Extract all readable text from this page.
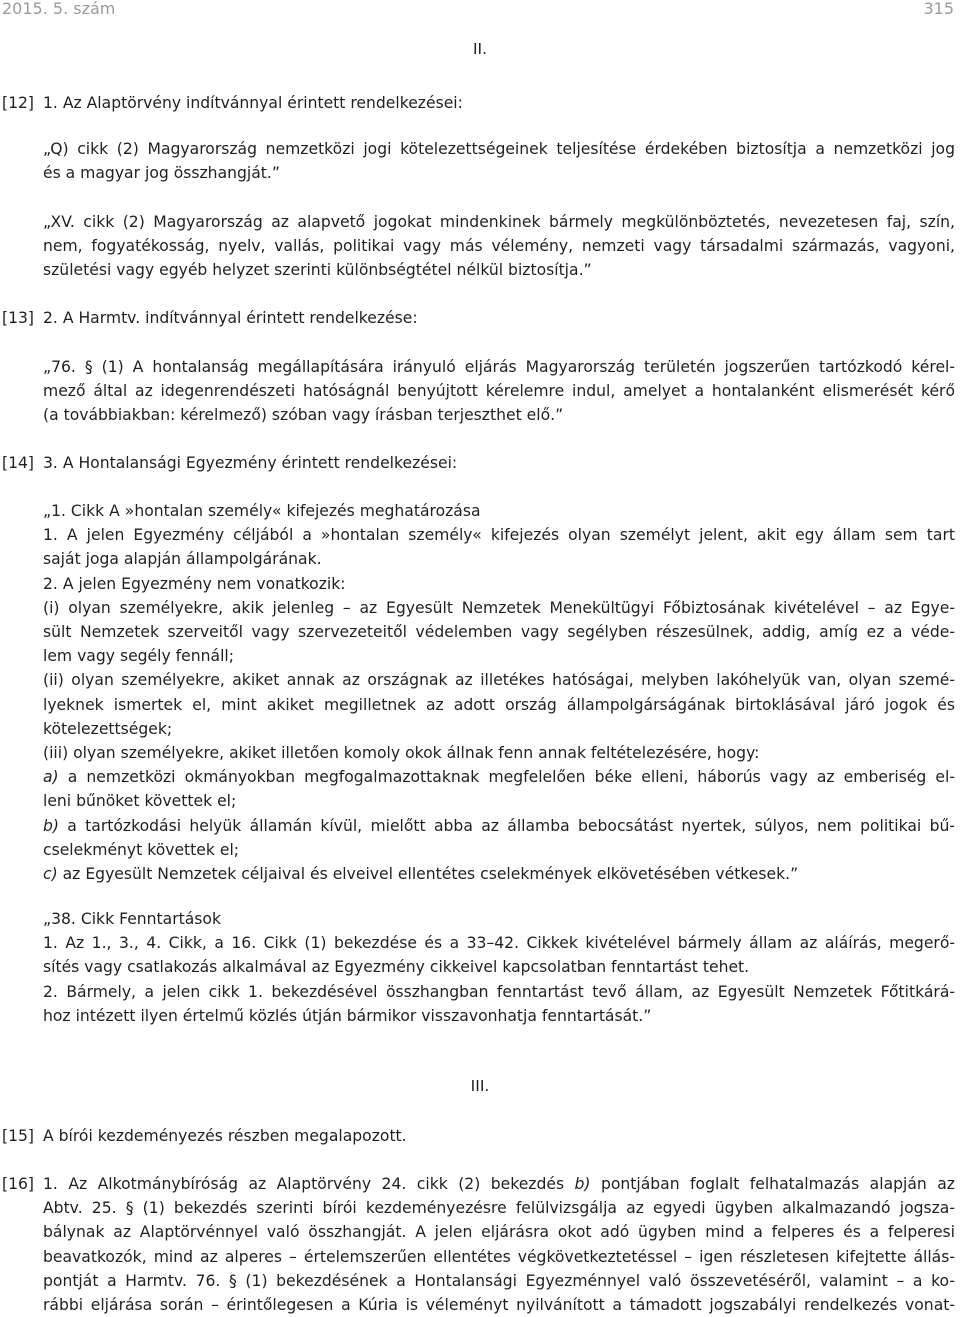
2015. 5. szám	315
II.
[12] 1. Az Alaptörvény indítvánnyal érintett rendelkezései:
„Q) cikk (2) Magyarország nemzetközi jogi kötelezettségeinek teljesítése érdekében biztosítja a nemzetközi jog
és a magyar jog összhangját.”
„XV. cikk (2) Magyarország az alapvető jogokat mindenkinek bármely megkülönböztetés, nevezetesen faj, szín,
nem, fogyatékosság, nyelv, vallás, politikai vagy más vélemény, nemzeti vagy társadalmi származás, vagyoni,
születési vagy egyéb helyzet szerinti különbségtétel nélkül biztosítja.”
[13] 2. A Harmtv. indítvánnyal érintett rendelkezése:
„76. § (1) A hontalanság megállapítására irányuló eljárás Magyarország területén jogszerűen tartózkodó kérel-
mező által az idegenrendészeti hatóságnál benyújtott kérelemre indul, amelyet a hontalanként elismerését kérő
(a továbbiakban: kérelmező) szóban vagy írásban terjeszthet elő.”
[14] 3. A Hontalansági Egyezmény érintett rendelkezései:
„1. Cikk A »hontalan személy« kifejezés meghatározása
1. A jelen Egyezmény céljából a »hontalan személy« kifejezés olyan személyt jelent, akit egy állam sem tart
saját joga alapján állampolgárának.
2. A jelen Egyezmény nem vonatkozik:
(i) olyan személyekre, akik jelenleg – az Egyesült Nemzetek Menekültügyi Főbiztosának kivételével – az Egye-
sült Nemzetek szerveitől vagy szervezeteitől védelemben vagy segélyben részesülnek, addig, amíg ez a véde-
lem vagy segély fennáll;
(ii) olyan személyekre, akiket annak az országnak az illetékes hatóságai, melyben lakóhelyük van, olyan szemé-
lyeknek ismertek el, mint akiket megilletnek az adott ország állampolgárságának birtoklásával járó jogok és
kötelezettségek;
(iii) olyan személyekre, akiket illetően komoly okok állnak fenn annak feltételezésére, hogy:
a) a nemzetközi okmányokban megfogalmazottaknak megfelelően béke elleni, háborús vagy az emberiség el-
leni bűnöket követtek el;
b) a tartózkodási helyük államán kívül, mielőtt abba az államba bebocsátást nyertek, súlyos, nem politikai bű-
cselekményt követtek el;
c) az Egyesült Nemzetek céljaival és elveivel ellentétes cselekmények elkövetésében vétkesek.”
„38. Cikk Fenntartások
1. Az 1., 3., 4. Cikk, a 16. Cikk (1) bekezdése és a 33–42. Cikkek kivételével bármely állam az aláírás, megerő-
sítés vagy csatlakozás alkalmával az Egyezmény cikkeivel kapcsolatban fenntartást tehet.
2. Bármely, a jelen cikk 1. bekezdésével összhangban fenntartást tevő állam, az Egyesült Nemzetek Főtitkárá-
hoz intézett ilyen értelmű közlés útján bármikor visszavonhatja fenntartását.”
III.
[15] A bírói kezdeményezés részben megalapozott.
[16] 1. Az Alkotmánybíróság az Alaptörvény 24. cikk (2) bekezdés b) pontjában foglalt felhatalmazás alapján az
Abtv. 25. § (1) bekezdés szerinti bírói kezdeményezésre felülvizsgálja az egyedi ügyben alkalmazandó jogsza-
bálynak az Alaptörvénnyel való összhangját. A jelen eljárásra okot adó ügyben mind a felperes és a felperesi
beavatkozók, mind az alperes – értelemszerűen ellentétes végkövetkeztetéssel – igen részletesen kifejtette állás-
pontját a Harmtv. 76. § (1) bekezdésének a Hontalansági Egyezménnyel való összevetéséről, valamint – a ko-
rábbi eljárása során – érintőlegesen a Kúria is véleményt nyilvánított a támadott jogszabályi rendelkezés vonat-
